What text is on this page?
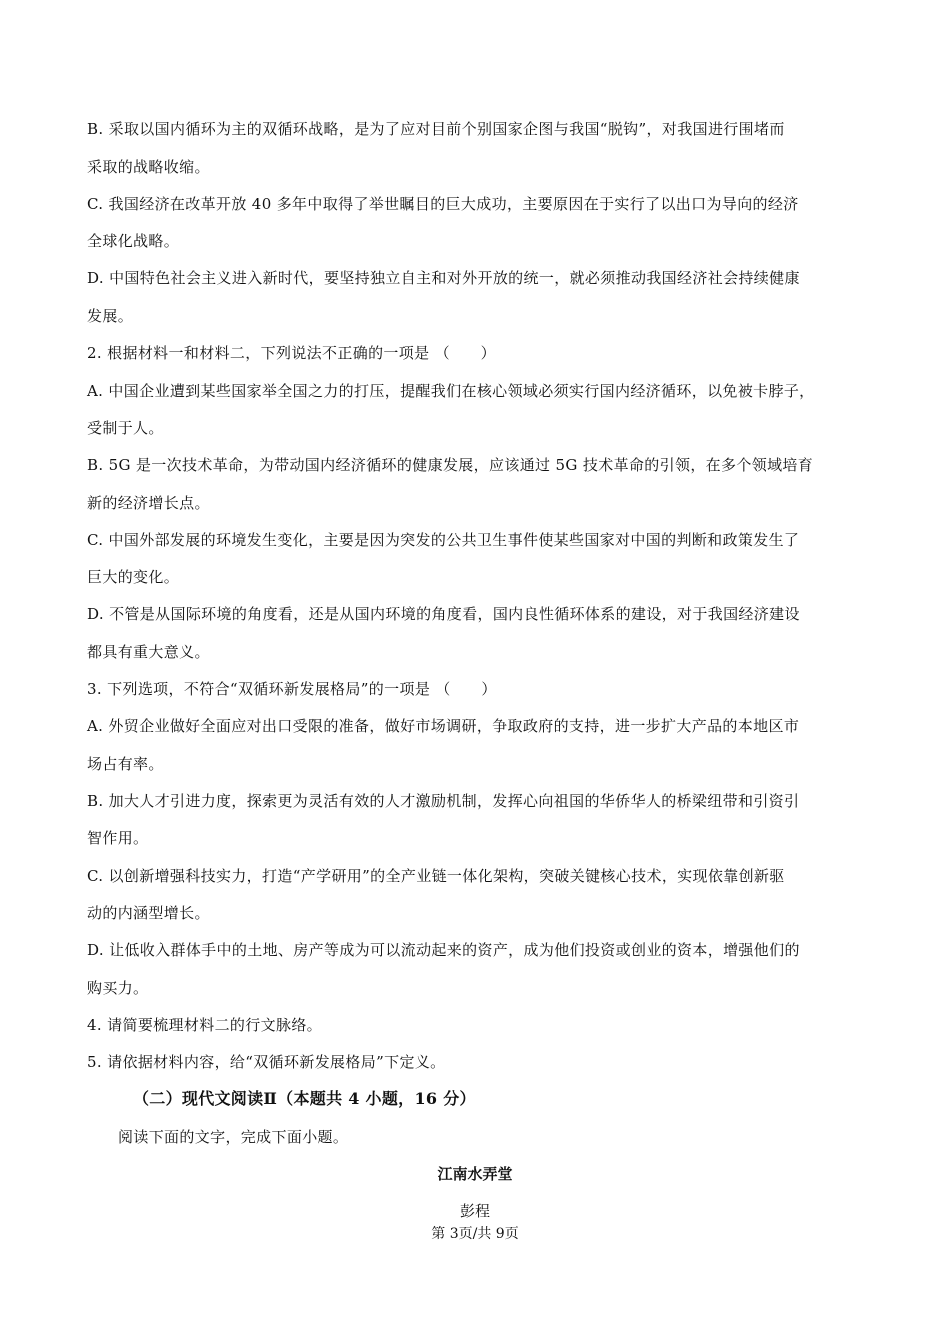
B. 采取以国内循环为主的双循环战略，是为了应对目前个别国家企图与我国“脱钩”，对我国进行围堵而
采取的战略收缩。
C. 我国经济在改革开放 40 多年中取得了举世瞩目的巨大成功，主要原因在于实行了以出口为导向的经济
全球化战略。
D. 中国特色社会主义进入新时代，要坚持独立自主和对外开放的统一，就必须推动我国经济社会持续健康
发展。
2. 根据材料一和材料二，下列说法不正确的一项是 （　　）
A. 中国企业遭到某些国家举全国之力的打压，提醒我们在核心领域必须实行国内经济循环，以免被卡脖子，
受制于人。
B. 5G 是一次技术革命，为带动国内经济循环的健康发展，应该通过 5G 技术革命的引领，在多个领域培育
新的经济增长点。
C. 中国外部发展的环境发生变化，主要是因为突发的公共卫生事件使某些国家对中国的判断和政策发生了
巨大的变化。
D. 不管是从国际环境的角度看，还是从国内环境的角度看，国内良性循环体系的建设，对于我国经济建设
都具有重大意义。
3. 下列选项，不符合“双循环新发展格局”的一项是 （　　）
A. 外贸企业做好全面应对出口受限的准备，做好市场调研，争取政府的支持，进一步扩大产品的本地区市
场占有率。
B. 加大人才引进力度，探索更为灵活有效的人才激励机制，发挥心向祖国的华侨华人的桥梁纽带和引资引
智作用。
C. 以创新增强科技实力，打造“产学研用”的全产业链一体化架构，突破关键核心技术，实现依靠创新驱
动的内涵型增长。
D. 让低收入群体手中的土地、房产等成为可以流动起来的资产，成为他们投资或创业的资本，增强他们的
购买力。
4. 请简要梳理材料二的行文脉络。
5. 请依据材料内容，给“双循环新发展格局”下定义。
（二）现代文阅读Ⅱ（本题共 4 小题，16 分）
阅读下面的文字，完成下面小题。
江南水弄堂
彭程
第 3页/共 9页
